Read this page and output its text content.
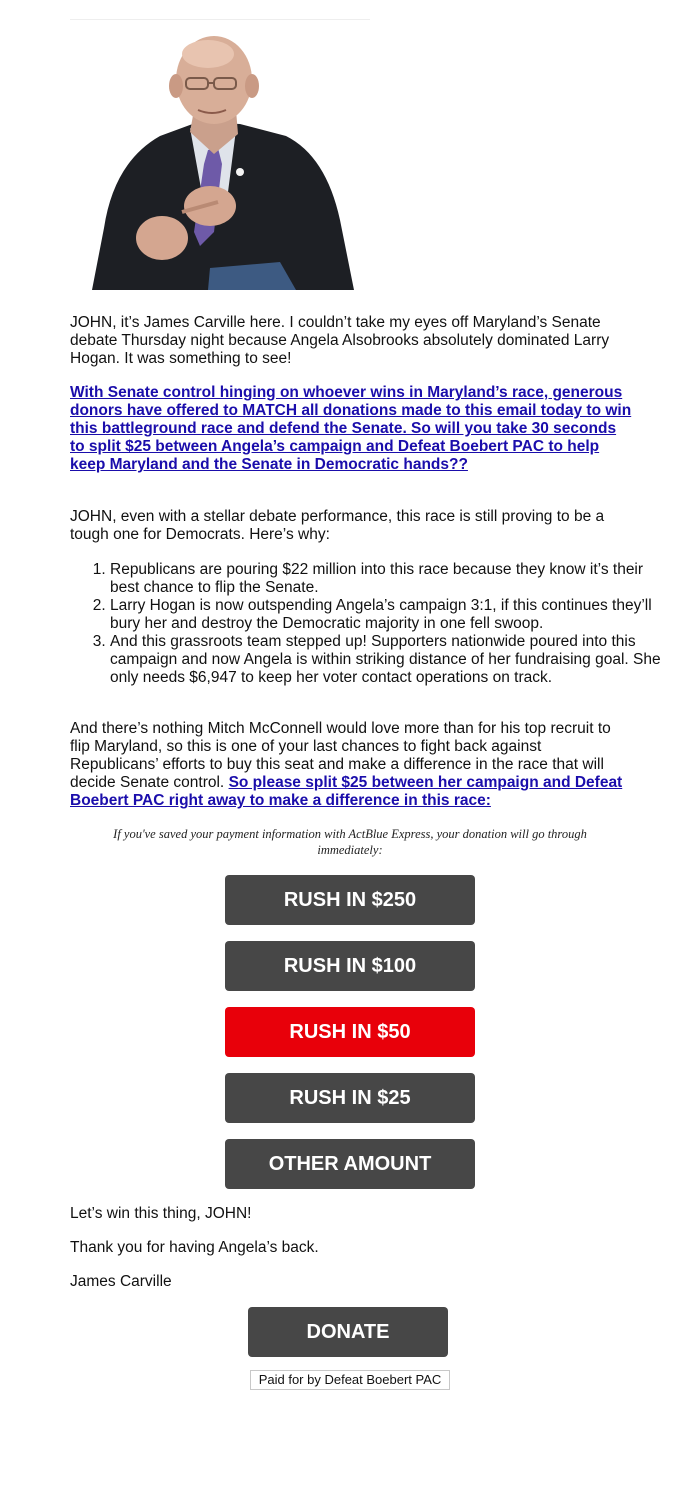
JOHN, it’s James Carville here. I couldn’t take my eyes off Maryland’s Senate debate Thursday night because Angela Alsobrooks absolutely dominated Larry Hogan. It was something to see!

With Senate control hinging on whoever wins in Maryland’s race, generous donors have offered to MATCH all donations made to this email today to win this battleground race and defend the Senate. So will you take 30 seconds to split $25 between Angela’s campaign and Defeat Boebert PAC to help keep Maryland and the Senate in Democratic hands??

JOHN, even with a stellar debate performance, this race is still proving to be a tough one for Democrats. Here’s why:

1. Republicans are pouring $22 million into this race because they know it’s their best chance to flip the Senate.
2. Larry Hogan is now outspending Angela’s campaign 3:1, if this continues they’ll bury her and destroy the Democratic majority in one fell swoop.
3. And this grassroots team stepped up! Supporters nationwide poured into this campaign and now Angela is within striking distance of her fundraising goal. She only needs $6,947 to keep her voter contact operations on track.

And there’s nothing Mitch McConnell would love more than for his top recruit to flip Maryland, so this is one of your last chances to fight back against Republicans’ efforts to buy this seat and make a difference in the race that will decide Senate control. So please split $25 between her campaign and Defeat Boebert PAC right away to make a difference in this race:

If you've saved your payment information with ActBlue Express, your donation will go through immediately:
RUSH IN $250
RUSH IN $100
RUSH IN $50
RUSH IN $25
OTHER AMOUNT

Let’s win this thing, JOHN!

Thank you for having Angela’s back.

James Carville

DONATE
Paid for by Defeat Boebert PAC
